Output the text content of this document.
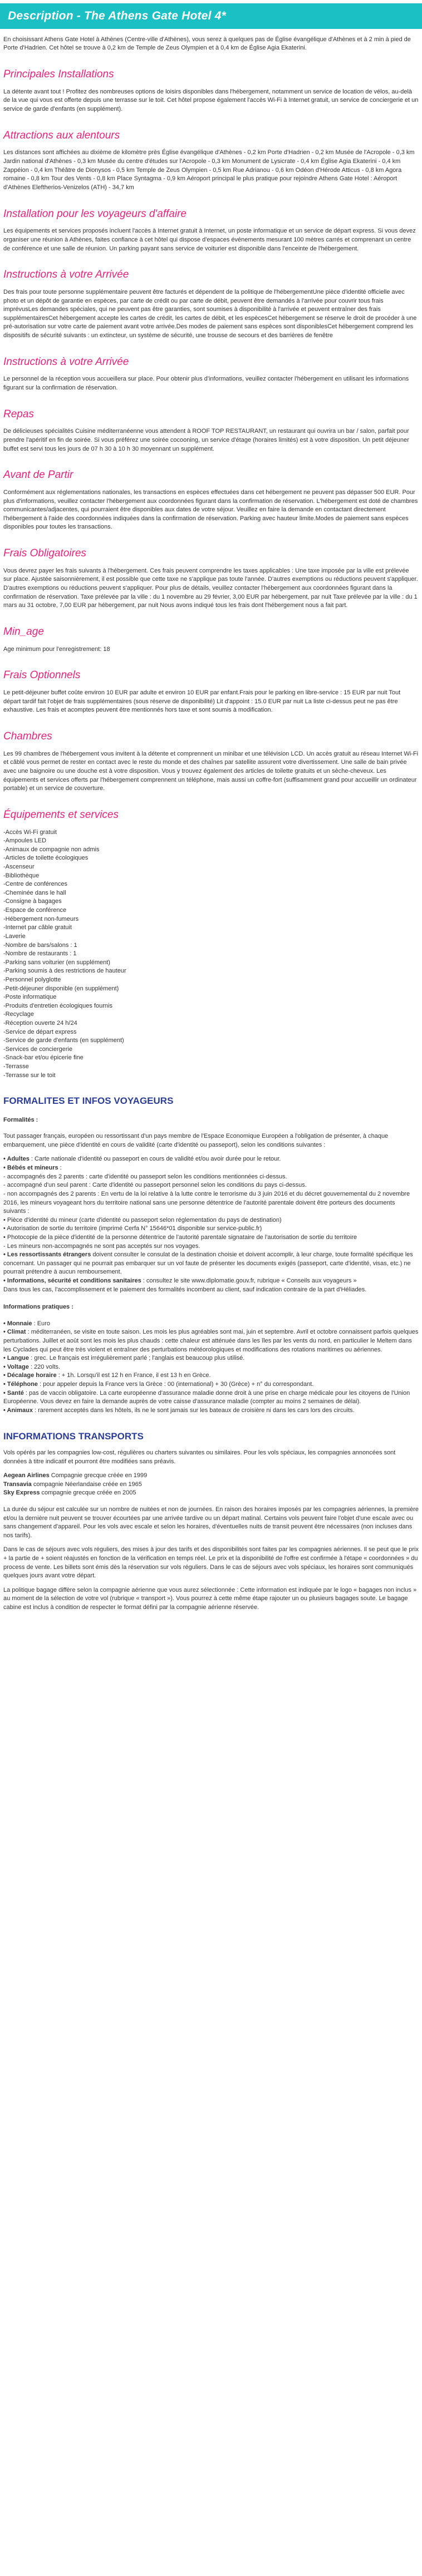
Description - The Athens Gate Hotel 4*

En choisissant Athens Gate Hotel à Athènes (Centre-ville d'Athènes), vous serez à quelques pas de Église évangélique d'Athènes et à 2 min à pied de Porte d'Hadrien. Cet hôtel se trouve à 0,2 km de Temple de Zeus Olympien et à 0,4 km de Église Agia Ekaterini.

Principales Installations

La détente avant tout ! Profitez des nombreuses options de loisirs disponibles dans l'hébergement, notamment un service de location de vélos, au-delà de la vue qui vous est offerte depuis une terrasse sur le toit. Cet hôtel propose également l'accès Wi-Fi à Internet gratuit, un service de conciergerie et un service de garde d'enfants (en supplément).

Attractions aux alentours

Les distances sont affichées au dixième de kilomètre près Église évangélique d'Athènes - 0,2 km Porte d'Hadrien - 0,2 km Musée de l'Acropole - 0,3 km Jardin national d'Athènes - 0,3 km Musée du centre d'études sur l'Acropole - 0,3 km Monument de Lysicrate - 0,4 km Église Agia Ekaterini - 0,4 km Zappéion - 0,4 km Théâtre de Dionysos - 0,5 km Temple de Zeus Olympien - 0,5 km Rue Adrianou - 0,6 km Odéon d'Hérode Atticus - 0,8 km Agora romaine - 0,8 km Tour des Vents - 0,8 km Place Syntagma - 0,9 km Aéroport principal le plus pratique pour rejoindre Athens Gate Hotel : Aéroport d'Athènes Eleftherios-Venizelos (ATH) - 34,7 km

Installation pour les voyageurs d'affaire

Les équipements et services proposés incluent l'accès à Internet gratuit à Internet, un poste informatique et un service de départ express. Si vous devez organiser une réunion à Athènes, faites confiance à cet hôtel qui dispose d'espaces événements mesurant 100 mètres carrés et comprenant un centre de conférence et une salle de réunion. Un parking payant sans service de voiturier est disponible dans l'enceinte de l'hébergement.

Instructions à votre Arrivée

Des frais pour toute personne supplémentaire peuvent être facturés et dépendent de la politique de l'hébergementUne pièce d'identité officielle avec photo et un dépôt de garantie en espèces, par carte de crédit ou par carte de débit, peuvent être demandés à l'arrivée pour couvrir tous frais imprévusLes demandes spéciales, qui ne peuvent pas être garanties, sont soumises à disponibilité à l'arrivée et peuvent entraîner des frais supplémentairesCet hébergement accepte les cartes de crédit, les cartes de débit, et les espècesCet hébergement se réserve le droit de procéder à une pré-autorisation sur votre carte de paiement avant votre arrivée.Des modes de paiement sans espèces sont disponiblesCet hébergement comprend les dispositifs de sécurité suivants : un extincteur, un système de sécurité, une trousse de secours et des barrières de fenêtre

Instructions à votre Arrivée

Le personnel de la réception vous accueillera sur place. Pour obtenir plus d'informations, veuillez contacter l'hébergement en utilisant les informations figurant sur la confirmation de réservation.

Repas

De délicieuses spécialités Cuisine méditerranéenne vous attendent à ROOF TOP RESTAURANT, un restaurant qui ouvrira un bar / salon, parfait pour prendre l'apéritif en fin de soirée. Si vous préférez une soirée cocooning, un service d'étage (horaires limités) est à votre disposition. Un petit déjeuner buffet est servi tous les jours de 07 h 30 à 10 h 30 moyennant un supplément.

Avant de Partir

Conformément aux réglementations nationales, les transactions en espèces effectuées dans cet hébergement ne peuvent pas dépasser 500 EUR. Pour plus d'informations, veuillez contacter l'hébergement aux coordonnées figurant dans la confirmation de réservation. L'hébergement est doté de chambres communicantes/adjacentes, qui pourraient être disponibles aux dates de votre séjour. Veuillez en faire la demande en contactant directement l'hébergement à l'aide des coordonnées indiquées dans la confirmation de réservation. Parking avec hauteur limite.Modes de paiement sans espèces disponibles pour toutes les transactions.

Frais Obligatoires

Vous devrez payer les frais suivants à l'hébergement. Ces frais peuvent comprendre les taxes applicables : Une taxe imposée par la ville est prélevée sur place. Ajustée saisonnièrement, il est possible que cette taxe ne s'applique pas toute l'année. D'autres exemptions ou réductions peuvent s'appliquer. D'autres exemptions ou réductions peuvent s'appliquer. Pour plus de détails, veuillez contacter l'hébergement aux coordonnées figurant dans la confirmation de réservation. Taxe prélevée par la ville : du 1 novembre au 29 février, 3,00 EUR par hébergement, par nuit Taxe prélevée par la ville : du 1 mars au 31 octobre, 7,00 EUR par hébergement, par nuit Nous avons indiqué tous les frais dont l'hébergement nous a fait part.

Min_age

Age minimum pour l'enregistrement: 18

Frais Optionnels

Le petit-déjeuner buffet coûte environ 10 EUR par adulte et environ 10 EUR par enfant.Frais pour le parking en libre-service : 15 EUR par nuit Tout départ tardif fait l'objet de frais supplémentaires (sous réserve de disponibilité) Lit d'appoint : 15.0 EUR par nuit La liste ci-dessus peut ne pas être exhaustive. Les frais et acomptes peuvent être mentionnés hors taxe et sont soumis à modification.

Chambres

Les 99 chambres de l'hébergement vous invitent à la détente et comprennent un minibar et une télévision LCD. Un accès gratuit au réseau Internet Wi-Fi et câblé vous permet de rester en contact avec le reste du monde et des chaînes par satellite assurent votre divertissement. Une salle de bain privée avec une baignoire ou une douche est à votre disposition. Vous y trouvez également des articles de toilette gratuits et un sèche-cheveux. Les équipements et services offerts par l'hébergement comprennent un téléphone, mais aussi un coffre-fort (suffisamment grand pour accueillir un ordinateur portable) et un service de couverture.

Équipements et services
-Accès Wi-Fi gratuit
-Ampoules LED
-Animaux de compagnie non admis
-Articles de toilette écologiques
-Ascenseur
-Bibliothèque
-Centre de conférences
-Cheminée dans le hall
-Consigne à bagages
-Espace de conférence
-Hébergement non-fumeurs
-Internet par câble gratuit
-Laverie
-Nombre de bars/salons : 1
-Nombre de restaurants : 1
-Parking sans voiturier (en supplément)
-Parking soumis à des restrictions de hauteur
-Personnel polyglotte
-Petit-déjeuner disponible (en supplément)
-Poste informatique
-Produits d'entretien écologiques fournis
-Recyclage
-Réception ouverte 24 h/24
-Service de départ express
-Service de garde d'enfants (en supplément)
-Services de conciergerie
-Snack-bar et/ou épicerie fine
-Terrasse
-Terrasse sur le toit
FORMALITES ET INFOS VOYAGEURS

Formalités :

Tout passager français, européen ou ressortissant d'un pays membre de l'Espace Economique Européen a l'obligation de présenter, à chaque embarquement, une pièce d'identité en cours de validité (carte d'identité ou passeport), selon les conditions suivantes :

• Adultes : Carte nationale d'identité ou passeport en cours de validité et/ou avoir durée pour le retour.
• Bébés et mineurs :
- accompagnés des 2 parents : carte d'identité ou passeport selon les conditions mentionnées ci-dessus.
- accompagné d'un seul parent : Carte d'identité ou passeport personnel selon les conditions du pays ci-dessus.
- non accompagnés des 2 parents : En vertu de la loi relative à la lutte contre le terrorisme du 3 juin 2016 et du décret gouvernemental du 2 novembre 2016, les mineurs voyageant hors du territoire national sans une personne détentrice de l'autorité parentale doivent être porteurs des documents suivants :
• Pièce d'identité du mineur (carte d'identité ou passeport selon réglementation du pays de destination)
• Autorisation de sortie du territoire (imprimé Cerfa N° 15646*01 disponible sur service-public.fr)
• Photocopie de la pièce d'identité de la personne détentrice de l'autorité parentale signataire de l'autorisation de sortie du territoire
- Les mineurs non-accompagnés ne sont pas acceptés sur nos voyages.
• Les ressortissants étrangers doivent consulter le consulat de la destination choisie et doivent accomplir, à leur charge, toute formalité spécifique les concernant. Un passager qui ne pourrait pas embarquer sur un vol faute de présenter les documents exigés (passeport, carte d'identité, visas, etc.) ne pourrait prétendre à aucun remboursement.
• Informations, sécurité et conditions sanitaires : consultez le site www.diplomatie.gouv.fr, rubrique « Conseils aux voyageurs »
Dans tous les cas, l'accomplissement et le paiement des formalités incombent au client, sauf indication contraire de la part d'Héliades.

Informations pratiques :

• Monnaie : Euro
• Climat : méditerranéen, se visite en toute saison. Les mois les plus agréables sont mai, juin et septembre. Avril et octobre connaissent parfois quelques perturbations. Juillet et août sont les mois les plus chauds : cette chaleur est atténuée dans les îles par les vents du nord, en particulier le Meltem dans les Cyclades qui peut être très violent et entraîner des perturbations météorologiques et modifications des rotations maritimes ou aériennes.
• Langue : grec. Le français est irrégulièrement parlé ; l'anglais est beaucoup plus utilisé.
• Voltage : 220 volts.
• Décalage horaire : + 1h. Lorsqu'il est 12 h en France, il est 13 h en Grèce.
• Téléphone : pour appeler depuis la France vers la Grèce : 00 (international) + 30 (Grèce) + n° du correspondant.
• Santé : pas de vaccin obligatoire. La carte européenne d'assurance maladie donne droit à une prise en charge médicale pour les citoyens de l'Union Européenne. Vous devez en faire la demande auprès de votre caisse d'assurance maladie (compter au moins 2 semaines de délai).
• Animaux : rarement acceptés dans les hôtels, ils ne le sont jamais sur les bateaux de croisière ni dans les cars lors des circuits.
INFORMATIONS TRANSPORTS

Vols opérés par les compagnies low-cost, régulières ou charters suivantes ou similaires. Pour les vols spéciaux, les compagnies annoncées sont données à titre indicatif et pourront être modifiées sans préavis.

Aegean Airlines Compagnie grecque créée en 1999
Transavia compagnie Néerlandaise créée en 1965
Sky Express compagnie grecque créée en 2005

La durée du séjour est calculée sur un nombre de nuitées et non de journées. En raison des horaires imposés par les compagnies aériennes, la première et/ou la dernière nuit peuvent se trouver écourtées par une arrivée tardive ou un départ matinal. Certains vols peuvent faire l'objet d'une escale avec ou sans changement d'appareil. Pour les vols avec escale et selon les horaires, d'éventuelles nuits de transit peuvent être nécessaires (non incluses dans nos tarifs).

Dans le cas de séjours avec vols réguliers, des mises à jour des tarifs et des disponibilités sont faites par les compagnies aériennes. Il se peut que le prix + la partie de + soient réajustés en fonction de la vérification en temps réel. Le prix et la disponibilité de l'offre est confirmée à l'étape « coordonnées » du process de vente. Les billets sont émis dès la réservation sur vols réguliers. Dans le cas de séjours avec vols spéciaux, les horaires sont communiqués quelques jours avant votre départ.

La politique bagage diffère selon la compagnie aérienne que vous aurez sélectionnée : Cette information est indiquée par le logo « bagages non inclus » au moment de la sélection de votre vol (rubrique « transport »). Vous pourrez à cette même étape rajouter un ou plusieurs bagages soute. Le bagage cabine est inclus à condition de respecter le format défini par la compagnie aérienne réservée.
